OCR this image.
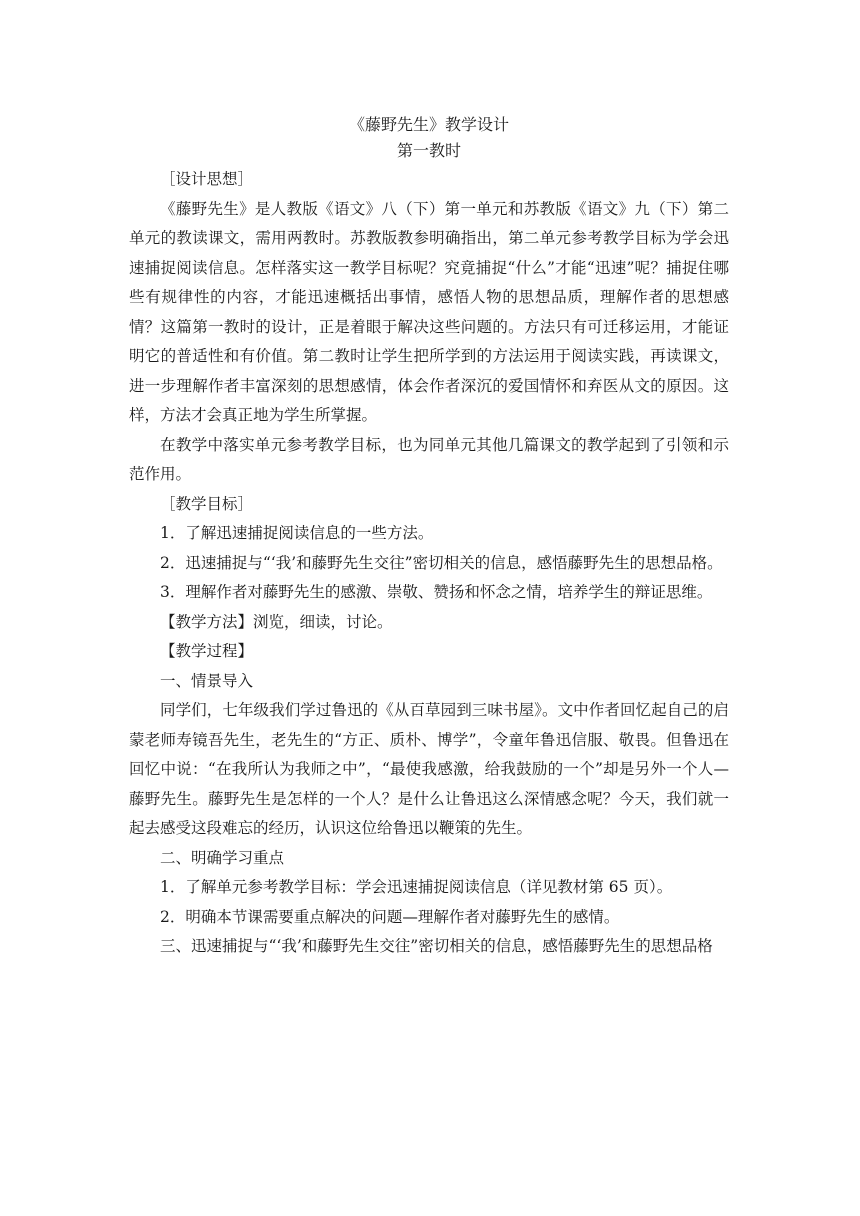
《藤野先生》教学设计
第一教时

［设计思想］

《藤野先生》是人教版《语文》八（下）第一单元和苏教版《语文》九（下）第二单元的教读课文，需用两教时。苏教版教参明确指出，第二单元参考教学目标为学会迅速捕捉阅读信息。怎样落实这一教学目标呢？究竟捕捉“什么”才能“迅速”呢？捕捉住哪些有规律性的内容，才能迅速概括出事情，感悟人物的思想品质，理解作者的思想感情？这篇第一教时的设计，正是着眼于解决这些问题的。方法只有可迁移运用，才能证明它的普适性和有价值。第二教时让学生把所学到的方法运用于阅读实践，再读课文，进一步理解作者丰富深刻的思想感情，体会作者深沉的爱国情怀和弃医从文的原因。这样，方法才会真正地为学生所掌握。

在教学中落实单元参考教学目标，也为同单元其他几篇课文的教学起到了引领和示范作用。

［教学目标］

1．了解迅速捕捉阅读信息的一些方法。

2．迅速捕捉与“‘我’和藤野先生交往”密切相关的信息，感悟藤野先生的思想品格。

3．理解作者对藤野先生的感激、崇敬、赞扬和怀念之情，培养学生的辩证思维。

【教学方法】浏览，细读，讨论。

【教学过程】

一、情景导入

同学们，七年级我们学过鲁迅的《从百草园到三味书屋》。文中作者回忆起自己的启蒙老师寿镜吾先生，老先生的“方正、质朴、博学”，令童年鲁迅信服、敬畏。但鲁迅在回忆中说：“在我所认为我师之中”，“最使我感激，给我鼓励的一个”却是另外一个人—藤野先生。藤野先生是怎样的一个人？是什么让鲁迅这么深情感念呢？今天，我们就一起去感受这段难忘的经历，认识这位给鲁迅以鞭策的先生。

二、明确学习重点

1．了解单元参考教学目标：学会迅速捕捉阅读信息（详见教材第 65 页）。

2．明确本节课需要重点解决的问题—理解作者对藤野先生的感情。

三、迅速捕捉与“‘我’和藤野先生交往”密切相关的信息，感悟藤野先生的思想品格
